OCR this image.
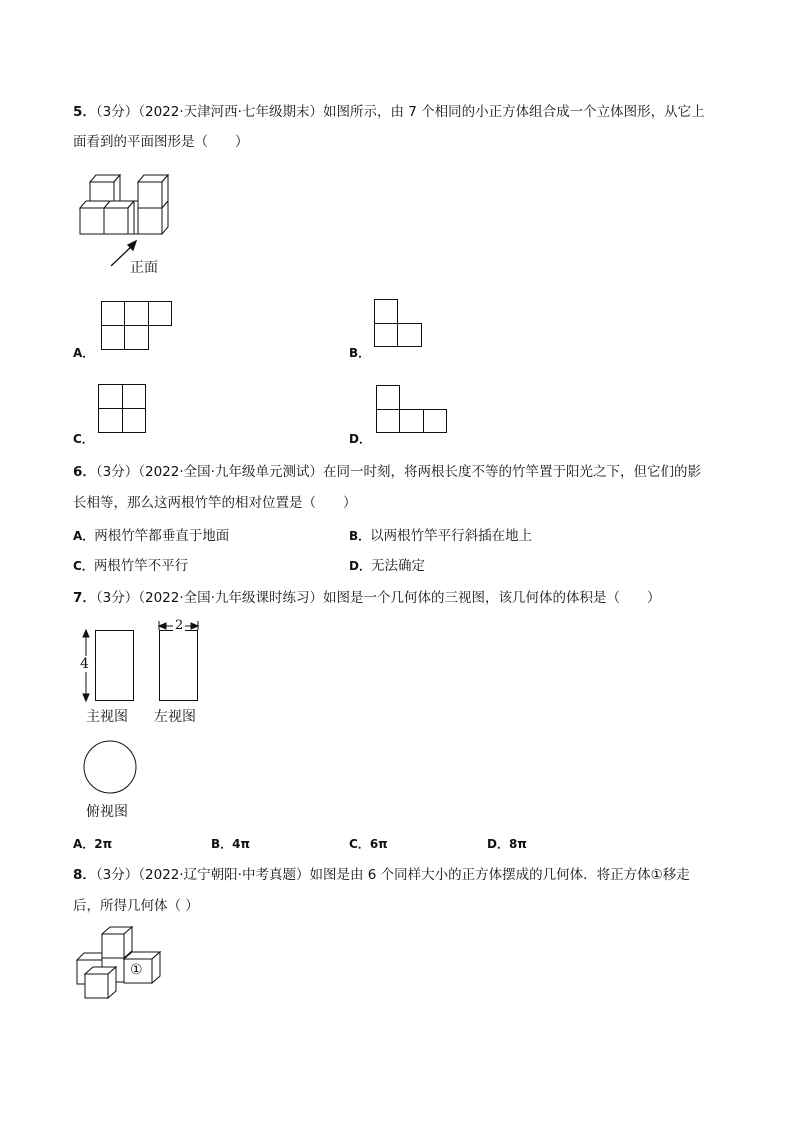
5．（3分）（2022·天津河西·七年级期末）如图所示，由 7 个相同的小正方体组合成一个立体图形，从它上
面看到的平面图形是（　　）
正面
A．	B．
C．	D．
6．（3分）（2022·全国·九年级单元测试）在同一时刻，将两根长度不等的竹竿置于阳光之下，但它们的影
长相等，那么这两根竹竿的相对位置是（　　）
A．两根竹竿都垂直于地面	B．以两根竹竿平行斜插在地上
C．两根竹竿不平行	D．无法确定
7．（3分）（2022·全国·九年级课时练习）如图是一个几何体的三视图，该几何体的体积是（　　）
4
主视图
2
左视图
俯视图
A．2π	B．4π	C．6π	D．8π
8．（3分）（2022·辽宁朝阳·中考真题）如图是由 6 个同样大小的正方体摆成的几何体．将正方体①移走
后，所得几何体（ ）
①
